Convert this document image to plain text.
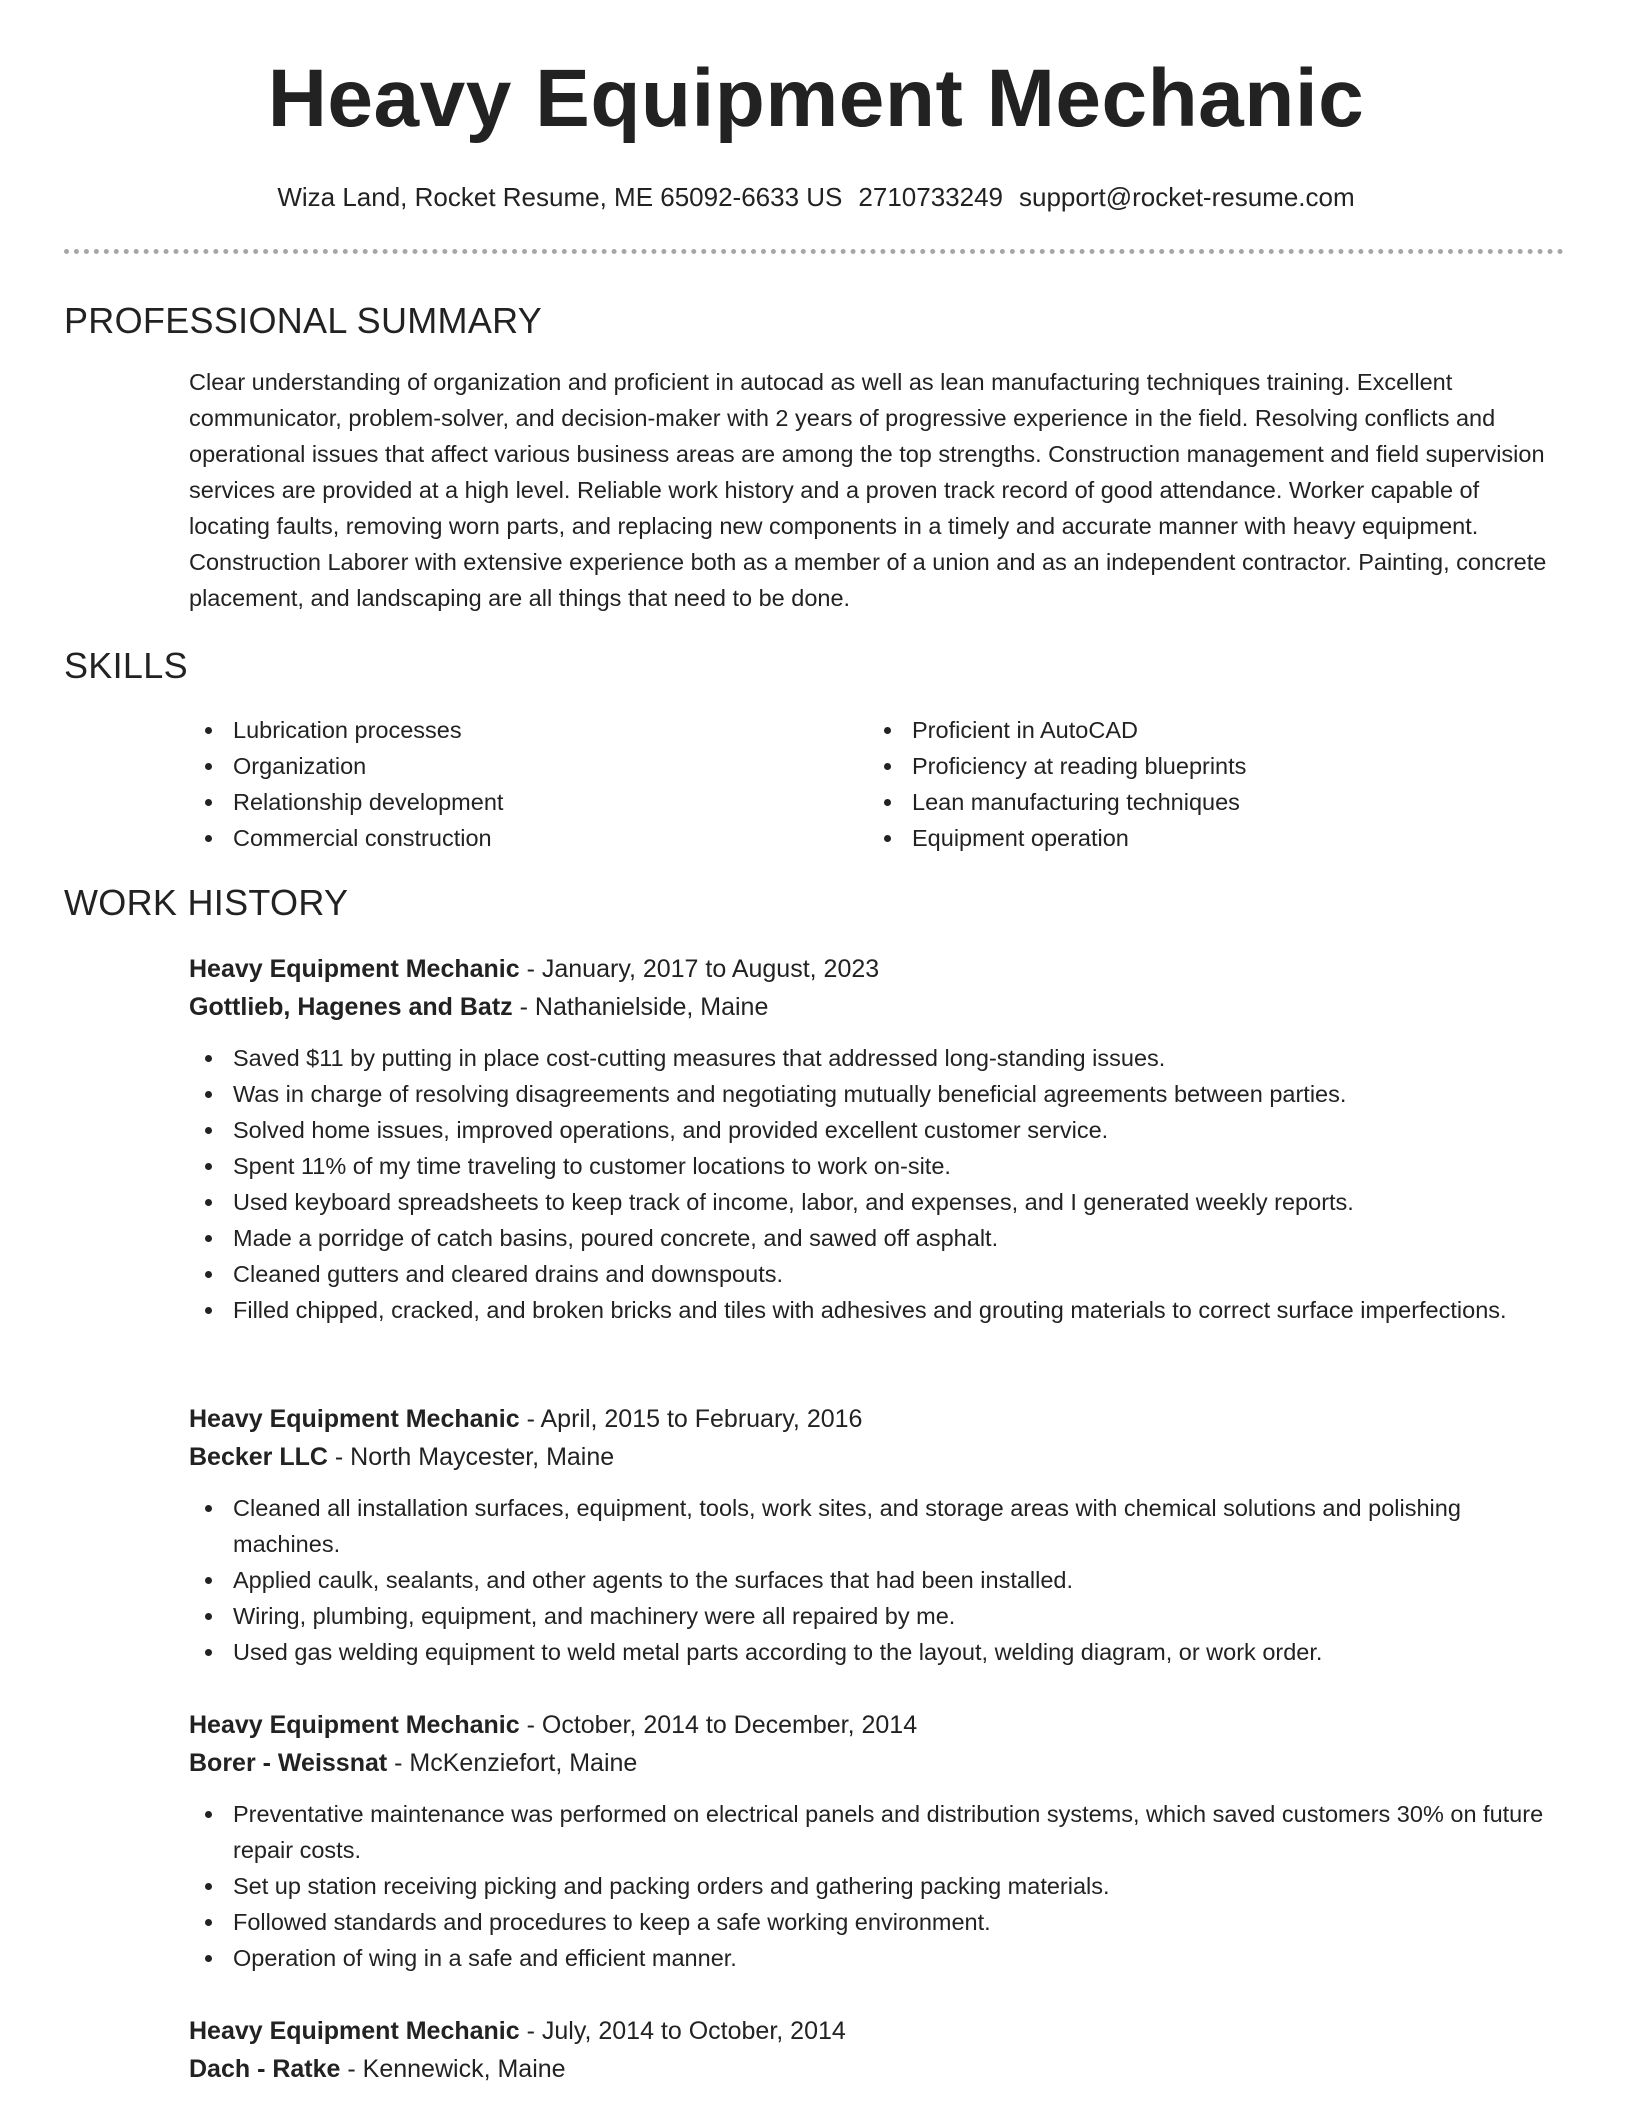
Heavy Equipment Mechanic
Wiza Land, Rocket Resume, ME 65092-6633 US 2710733249 support@rocket-resume.com
PROFESSIONAL SUMMARY

Clear understanding of organization and proficient in autocad as well as lean manufacturing techniques training. Excellent communicator, problem-solver, and decision-maker with 2 years of progressive experience in the field. Resolving conflicts and operational issues that affect various business areas are among the top strengths. Construction management and field supervision services are provided at a high level. Reliable work history and a proven track record of good attendance. Worker capable of locating faults, removing worn parts, and replacing new components in a timely and accurate manner with heavy equipment. Construction Laborer with extensive experience both as a member of a union and as an independent contractor. Painting, concrete placement, and landscaping are all things that need to be done.

SKILLS
Lubrication processes
Organization
Relationship development
Commercial construction
Proficient in AutoCAD
Proficiency at reading blueprints
Lean manufacturing techniques
Equipment operation
WORK HISTORY
Heavy Equipment Mechanic - January, 2017 to August, 2023
Gottlieb, Hagenes and Batz - Nathanielside, Maine
Saved $11 by putting in place cost-cutting measures that addressed long-standing issues.
Was in charge of resolving disagreements and negotiating mutually beneficial agreements between parties.
Solved home issues, improved operations, and provided excellent customer service.
Spent 11% of my time traveling to customer locations to work on-site.
Used keyboard spreadsheets to keep track of income, labor, and expenses, and I generated weekly reports.
Made a porridge of catch basins, poured concrete, and sawed off asphalt.
Cleaned gutters and cleared drains and downspouts.
Filled chipped, cracked, and broken bricks and tiles with adhesives and grouting materials to correct surface imperfections.
Heavy Equipment Mechanic - April, 2015 to February, 2016
Becker LLC - North Maycester, Maine
Cleaned all installation surfaces, equipment, tools, work sites, and storage areas with chemical solutions and polishing machines.
Applied caulk, sealants, and other agents to the surfaces that had been installed.
Wiring, plumbing, equipment, and machinery were all repaired by me.
Used gas welding equipment to weld metal parts according to the layout, welding diagram, or work order.
Heavy Equipment Mechanic - October, 2014 to December, 2014
Borer - Weissnat - McKenziefort, Maine
Preventative maintenance was performed on electrical panels and distribution systems, which saved customers 30% on future repair costs.
Set up station receiving picking and packing orders and gathering packing materials.
Followed standards and procedures to keep a safe working environment.
Operation of wing in a safe and efficient manner.
Heavy Equipment Mechanic - July, 2014 to October, 2014
Dach - Ratke - Kennewick, Maine
